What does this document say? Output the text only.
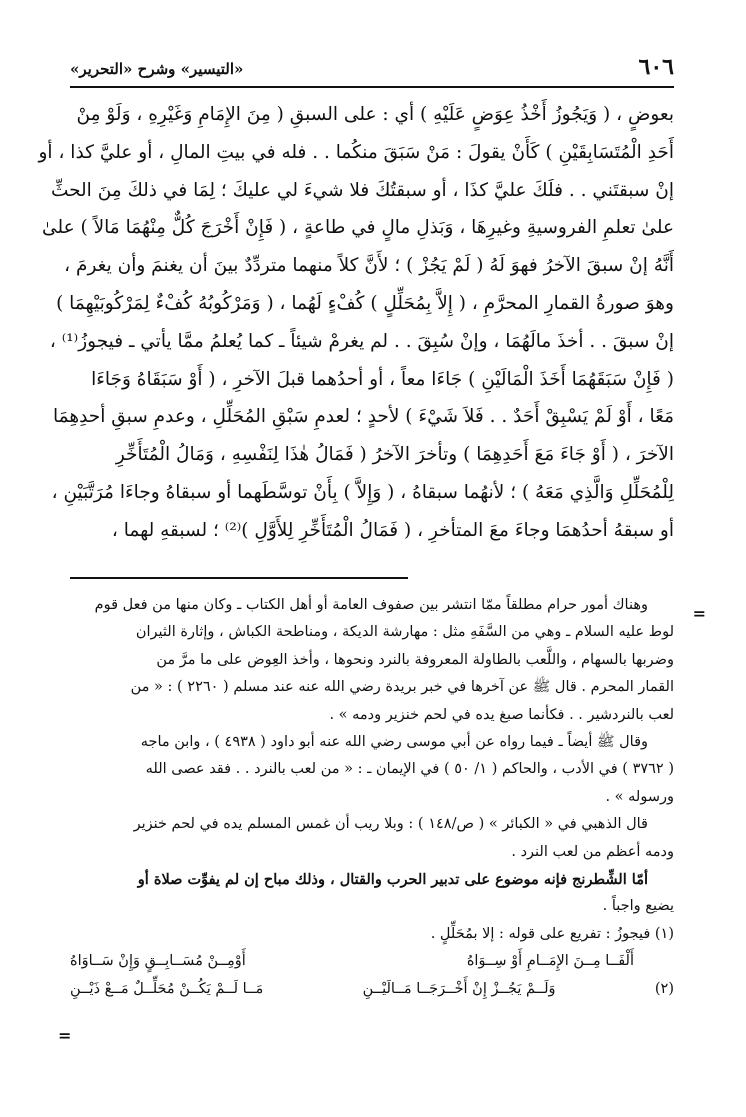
٦٠٦
«التيسير» وشرح «التحرير»

بعوضٍ ، ( وَيَجُوزُ أَخْذُ عِوَضٍ عَلَيْهِ ) أي : على السبقِ ( مِنَ الإِمَامِ وَغَيْرِهِ ، وَلَوْ مِنْ

أَحَدِ الْمُتَسَابِقَيْنِ ) كَأَنْ يقولَ : مَنْ سَبَقَ منكُما . . فله في بيتِ المالِ ، أو عليَّ كذا ، أو

إنْ سبقتَني . . فلَكَ عليَّ كذَا ، أو سبقتُكَ فلا شيءَ لي عليكَ ؛ لِمَا في ذلكَ مِنَ الحثِّ

علىٰ تعلمِ الفروسيةِ وغيرِهَا ، وَبَذلِ مالٍ في طاعةٍ ، ( فَإِنْ أَخْرَجَ كُلٌّ مِنْهُمَا مَالاً ) علىٰ

أَنَّهُ إنْ سبقَ الآخرُ فهوَ لَهُ ( لَمْ يَجُزْ ) ؛ لأَنَّ كلاً منهما متردِّدٌ بينَ أن يغنمَ وأن يغرمَ ،

وهوَ صورةُ القمارِ المحرَّمِ ، ( إِلاَّ بِمُحَلِّلٍ ) كُفْءٍ لَهُما ، ( وَمَرْكُوبُهُ كُفْءٌ لِمَرْكُوبَيْهِمَا )

إنْ سبقَ . . أخذَ مالَهُمَا ، وإنْ سُبِقَ . . لم يغرمْ شيئاً ـ كما يُعلمُ ممَّا يأتي ـ فيجوزُ⁽¹⁾ ،

( فَإِنْ سَبَقَهُمَا أَخَذَ الْمَالَيْنِ ) جَاءَا معاً ، أو أحدُهما قبلَ الآخرِ ، ( أَوْ سَبَقَاهُ وَجَاءَا

مَعًا ، أَوْ لَمْ يَسْبِقْ أَحَدٌ . . فَلاَ شَيْءَ ) لأحدٍ ؛ لعدمِ سَبْقِ المُحَلِّلِ ، وعدمِ سبقِ أحدِهِمَا

الآخرَ ، ( أَوْ جَاءَ مَعَ أَحَدِهِمَا ) وتأخرَ الآخرُ ( فَمَالُ هٰذَا لِنَفْسِهِ ، وَمَالُ الْمُتَأَخِّرِ

لِلْمُحَلِّلِ وَالَّذِي مَعَهُ ) ؛ لأنهُما سبقاهُ ، ( وَإِلاَّ ) بِأَنْ توسَّطَهما أو سبقاهُ وجاءَا مُرَتَّبَيْنِ ،

أو سبقهُ أحدُهمَا وجاءَ معَ المتأخرِ ، ( فَمَالُ الْمُتَأَخِّرِ لِلأَوَّلِ )⁽²⁾ ؛ لسبقهِ لهما ،

=

وهناك أمور حرام مطلقاً ممّا انتشر بين صفوف العامة أو أهل الكتاب ـ وكان منها من فعل قوم

لوط عليه السلام ـ وهي من السَّفَهِ مثل : مهارشة الديكة ، ومناطحة الكباش ، وإثارة الثيران

وضربها بالسهام ، واللَّعب بالطاولة المعروفة بالنرد ونحوها ، وأخذ العِوض على ما مرَّ من

القمار المحرم . قال ﷺ عن آخرها في خبر بريدة رضي الله عنه عند مسلم ( ٢٢٦٠ ) : « من

لعب بالنردشير . . فكأنما صبغ يده في لحم خنزير ودمه » .

وقال ﷺ أيضاً ـ فيما رواه عن أبي موسى رضي الله عنه أبو داود ( ٤٩٣٨ ) ، وابن ماجه

( ٣٧٦٢ ) في الأدب ، والحاكم ( ١/ ٥٠ ) في الإيمان ـ : « من لعب بالنرد . . فقد عصى الله

ورسوله » .

قال الذهبي في « الكبائر » ( ص/١٤٨ ) : وبلا ريب أن غمس المسلم يده في لحم خنزير

ودمه أعظم من لعب النرد .

أمّا الشِّطرنج فإنه موضوع على تدبير الحرب والقتال ، وذلك مباح إن لم يفوِّت صلاة أو

يضيع واجباً .

(١) فيجوزُ : تفريع على قوله : إلا بمُحَلِّلٍ .

أَلْفَــا مِــنَ الإِمَــامِ أَوْ سِــوَاهُ
أَوْمِــنْ مُسَــابِــقٍ وَإِنْ سَــاوَاهُ
(٢)
وَلَــمْ يَجُــزْ إِنْ أَخْــرَجَــا مَــالَيْــنِ
مَــا لَــمْ يَكُــنْ مُحَلِّــلٌ مَــعْ ذَيْــنِ
=
